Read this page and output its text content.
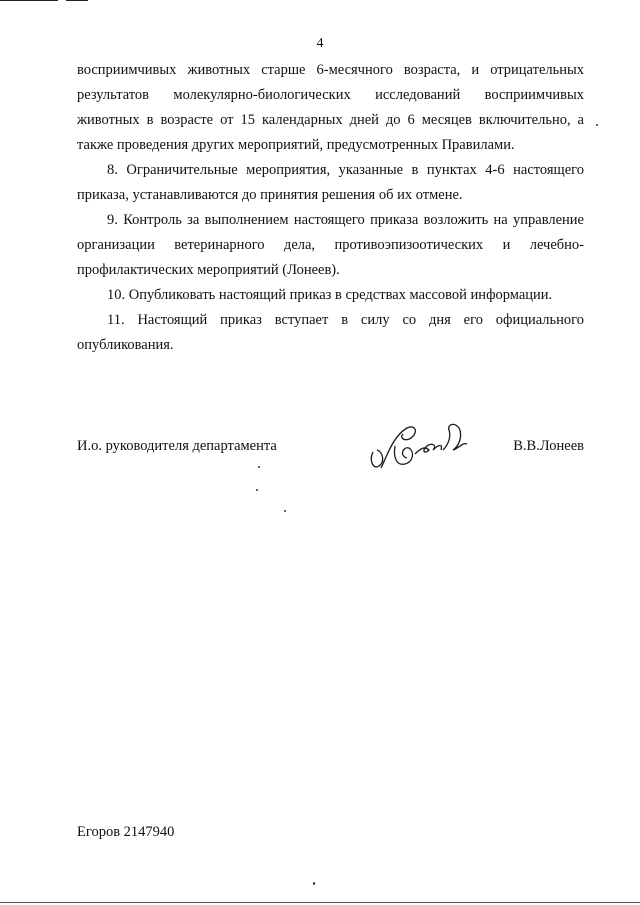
4

восприимчивых животных старше 6-месячного возраста, и отрицательных результатов молекулярно-биологических исследований восприимчивых животных в возрасте от 15 календарных дней до 6 месяцев включительно, а также проведения других мероприятий, предусмотренных Правилами.

8. Ограничительные мероприятия, указанные в пунктах 4-6 настоящего приказа, устанавливаются до принятия решения об их отмене.

9. Контроль за выполнением настоящего приказа возложить на управление организации ветеринарного дела, противоэпизоотических и лечебно-профилактических мероприятий (Лонеев).

10. Опубликовать настоящий приказ в средствах массовой информации.

11. Настоящий приказ вступает в силу со дня его официального опубликования.

И.о. руководителя департамента	В.В.Лонеев
Егоров 2147940
